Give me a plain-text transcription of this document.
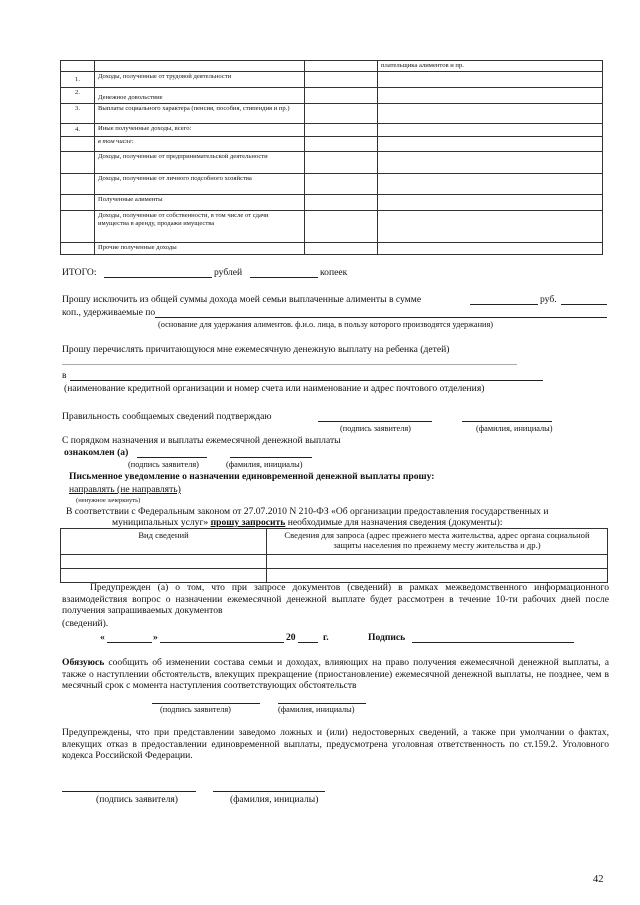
			плательщика алиментов и пр.
1.	Доходы, полученные от трудовой деятельности		
2.	Денежное довольствие		
3.	Выплаты социального характера (пенсия, пособия, стипендия и пр.)		
4.	Иные полученные доходы, всего:		
	в том числе:		
	Доходы, полученные от предпринимательской деятельности		
	Доходы, полученные от личного подсобного хозяйства		
	Полученные алименты		
	Доходы, полученные от собственности, в том числе от сдачи имущества в аренду, продажи имущества		
	Прочие полученные доходы		
ИТОГО:	рублей	копеек
Прошу исключить из общей суммы дохода моей семьи выплаченные алименты в сумме	руб.
коп., удерживаемые по
(основание для удержания алиментов. ф.и.о. лица, в пользу которого производятся удержания)
Прошу перечислять причитающуюся мне ежемесячную денежную выплату на ребенка (детей)
в
(наименование кредитной организации и номер счета или наименование и адрес почтового отделения)
Правильность сообщаемых сведений подтверждаю
(подпись заявителя)	(фамилия, инициалы)
С порядком назначения и выплаты ежемесячной денежной выплаты
ознакомлен (а)
(подпись заявителя)	(фамилия, инициалы)
Письменное уведомление о назначении единовременной денежной выплаты прошу:
направлять (не направлять)
(ненужное зачеркнуть)
В соответствии с Федеральным законом от 27.07.2010 N 210-ФЗ «Об организации предоставления государственных и
муниципальных услуг» прошу запросить необходимые для назначения сведения (документы):
Вид сведений	Сведения для запроса (адрес прежнего места жительства, адрес органа социальной защиты населения по прежнему месту жительства и др.)

Предупрежден (а) о том, что при запросе документов (сведений) в рамках межведомственного информационного взаимодействия вопрос о назначении ежемесячной денежной выплате будет рассмотрен в течение 10-ти рабочих дней после получения запрашиваемых документов
(сведений).
«	»	20	г.	Подпись
Обязуюсь сообщить об изменении состава семьи и доходах, влияющих на право получения ежемесячной денежной выплаты, а также о наступлении обстоятельств, влекущих прекращение (приостановление) ежемесячной денежной выплаты, не позднее, чем в месячный срок с момента наступления соответствующих обстоятельств
(подпись заявителя)	(фамилия, инициалы)
Предупреждены, что при представлении заведомо ложных и (или) недостоверных сведений, а также при умолчании о фактах, влекущих отказ в предоставлении единовременной выплаты, предусмотрена уголовная ответственность по ст.159.2. Уголовного кодекса Российской Федерации.
(подпись заявителя)	(фамилия, инициалы)
42
